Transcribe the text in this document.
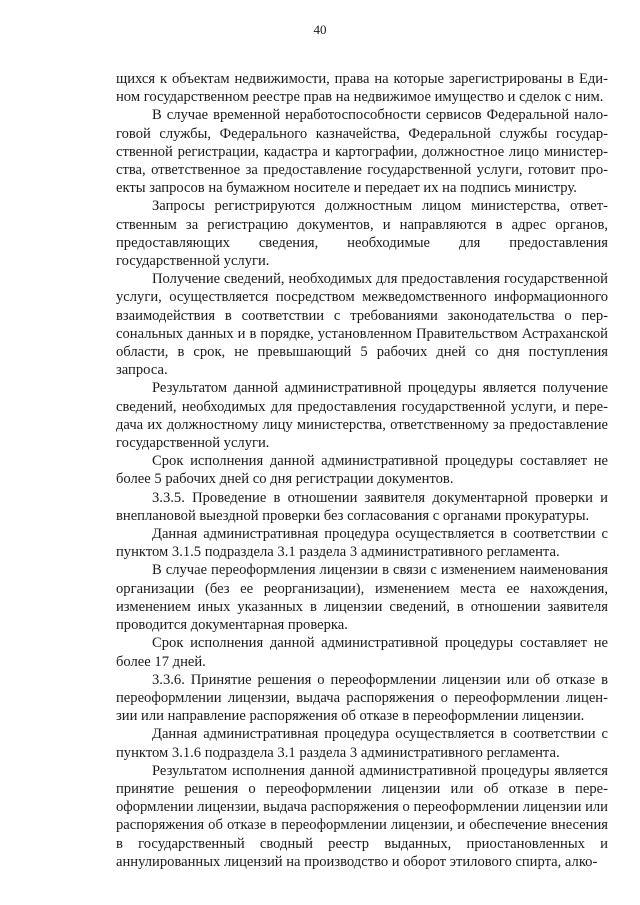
40

щихся к объектам недвижимости, права на которые зарегистрированы в Едином государственном реестре прав на недвижимое имущество и сделок с ним.

В случае временной неработоспособности сервисов Федеральной налоговой службы, Федерального казначейства, Федеральной службы государственной регистрации, кадастра и картографии, должностное лицо министерства, ответственное за предоставление государственной услуги, готовит проекты запросов на бумажном носителе и передает их на подпись министру.

Запросы регистрируются должностным лицом министерства, ответственным за регистрацию документов, и направляются в адрес органов, предоставляющих сведения, необходимые для предоставления государственной услуги.

Получение сведений, необходимых для предоставления государственной услуги, осуществляется посредством межведомственного информационного взаимодействия в соответствии с требованиями законодательства о персональных данных и в порядке, установленном Правительством Астраханской области, в срок, не превышающий 5 рабочих дней со дня поступления запроса.

Результатом данной административной процедуры является получение сведений, необходимых для предоставления государственной услуги, и передача их должностному лицу министерства, ответственному за предоставление государственной услуги.

Срок исполнения данной административной процедуры составляет не более 5 рабочих дней со дня регистрации документов.

3.3.5. Проведение в отношении заявителя документарной проверки и внеплановой выездной проверки без согласования с органами прокуратуры.

Данная административная процедура осуществляется в соответствии с пунктом 3.1.5 подраздела 3.1 раздела 3 административного регламента.

В случае переоформления лицензии в связи с изменением наименования организации (без ее реорганизации), изменением места ее нахождения, изменением иных указанных в лицензии сведений, в отношении заявителя проводится документарная проверка.

Срок исполнения данной административной процедуры составляет не более 17 дней.

3.3.6. Принятие решения о переоформлении лицензии или об отказе в переоформлении лицензии, выдача распоряжения о переоформлении лицензии или направление распоряжения об отказе в переоформлении лицензии.

Данная административная процедура осуществляется в соответствии с пунктом 3.1.6 подраздела 3.1 раздела 3 административного регламента.

Результатом исполнения данной административной процедуры является принятие решения о переоформлении лицензии или об отказе в переоформлении лицензии, выдача распоряжения о переоформлении лицензии или распоряжения об отказе в переоформлении лицензии, и обеспечение внесения в государственный сводный реестр выданных, приостановленных и аннулированных лицензий на производство и оборот этилового спирта, алко-
